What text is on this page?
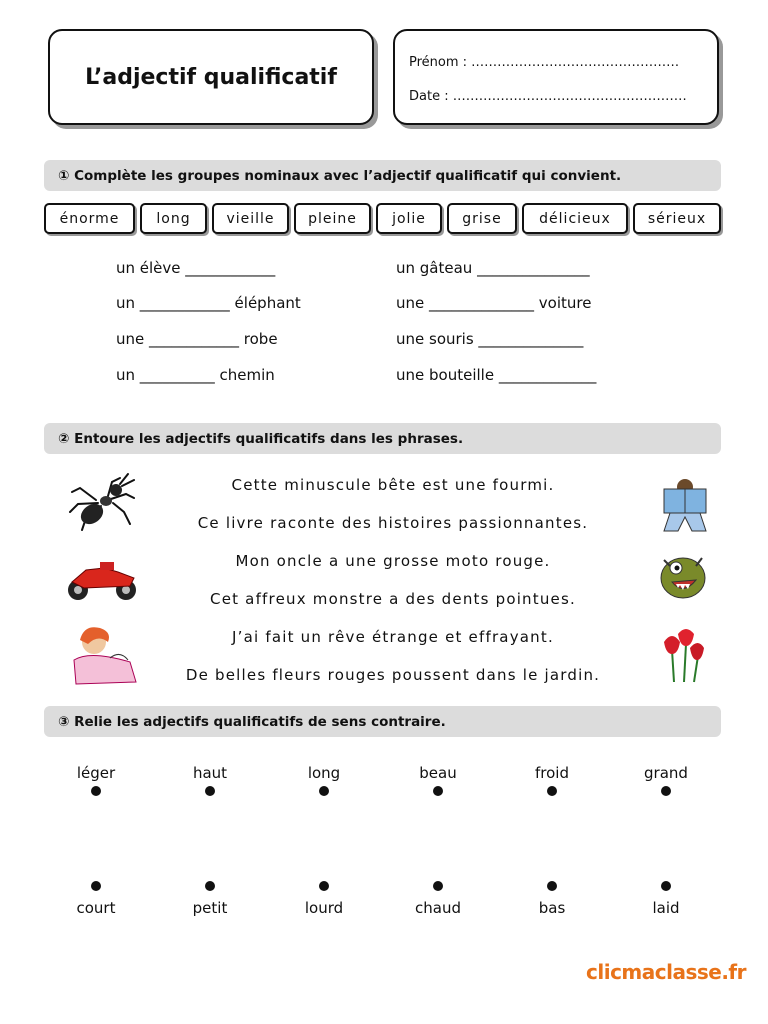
L’adjectif qualificatif
Prénom : …………………………………………
Date : ………………………………………………
① Complète les groupes nominaux avec l’adjectif qualificatif qui convient.
énorme	long	vieille	pleine	jolie	grise	délicieux	sérieux
un élève ____________
un ____________ éléphant
une ____________ robe
un __________ chemin
un gâteau _______________
une ______________ voiture
une souris ______________
une bouteille _____________
② Entoure les adjectifs qualificatifs dans les phrases.
Cette minuscule bête est une fourmi.
Ce livre raconte des histoires passionnantes.
Mon oncle a une grosse moto rouge.
Cet affreux monstre a des dents pointues.
J’ai fait un rêve étrange et effrayant.
De belles fleurs rouges poussent dans le jardin.
③ Relie les adjectifs qualificatifs de sens contraire.
léger	haut	long	beau	froid	grand
court	petit	lourd	chaud	bas	laid
clicmaclasse.fr
